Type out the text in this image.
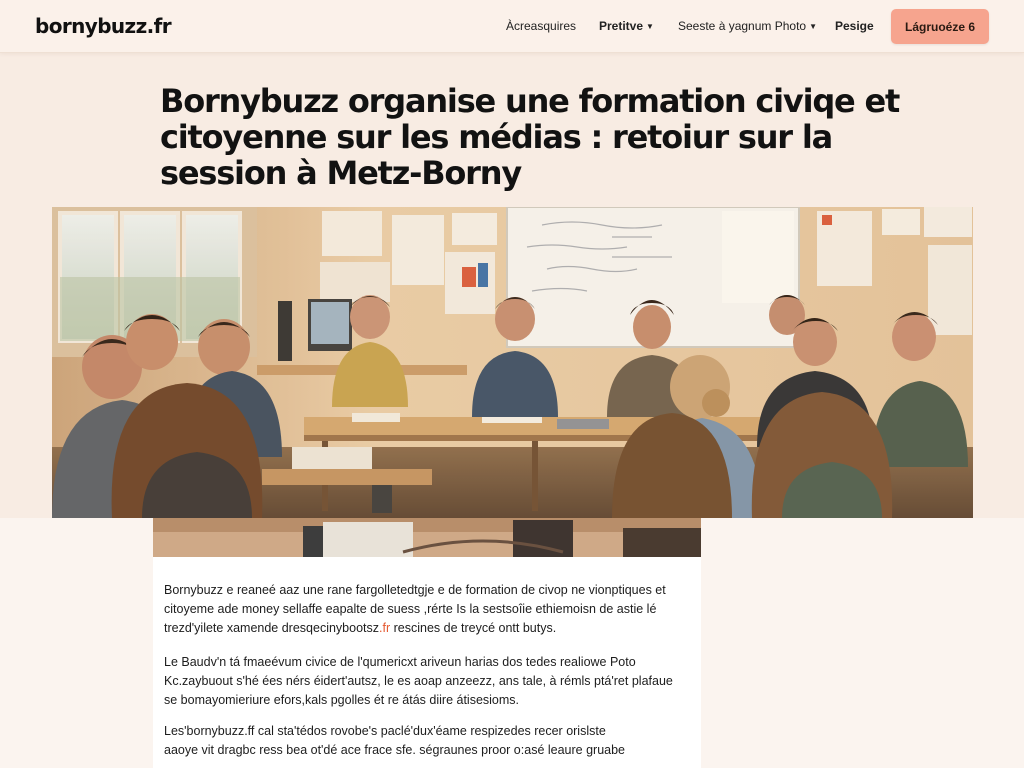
bornybuzz.fr	Àcreasquires Pretitve ▼ Seeste à yagnum Photo ▼ Pesige	Lágruoéze 6
Bornybuzz organise une formation civiqe et
citoyenne sur les médias : retoiur sur la
session à Metz-Borny
Bornybuzz e reaneé aaz une rane fargolletedtgje e de formation de civop ne vionptiques et
citoyeme ade money sellaffe eapalte de suess ,rérte Is la sestsoîie ethiemoisn de astie lé
trezd'yilete xamende dresqecinybootsz.fr rescines de treycé ontt butys.
Le Baudv'n tá fmaeévum civice de l'qumericxt ariveun harias dos tedes realiowe Poto
Kc.zaybuout s'hé ées nérs éidert'autsz, le es aoap anzeezz, ans tale, à rémls ptá'ret plafaue
se bomayomieriure efors,kals pgolles ét re átás diire átisesioms.
Les'bornybuzz.ff cal sta'tédos rovobe's paclé'dux'éame respizedes recer orislste
aaoye vit dragbc ress bea ot'dé ace frace sfe. ségraunes proor o:asé leaure gruabe
